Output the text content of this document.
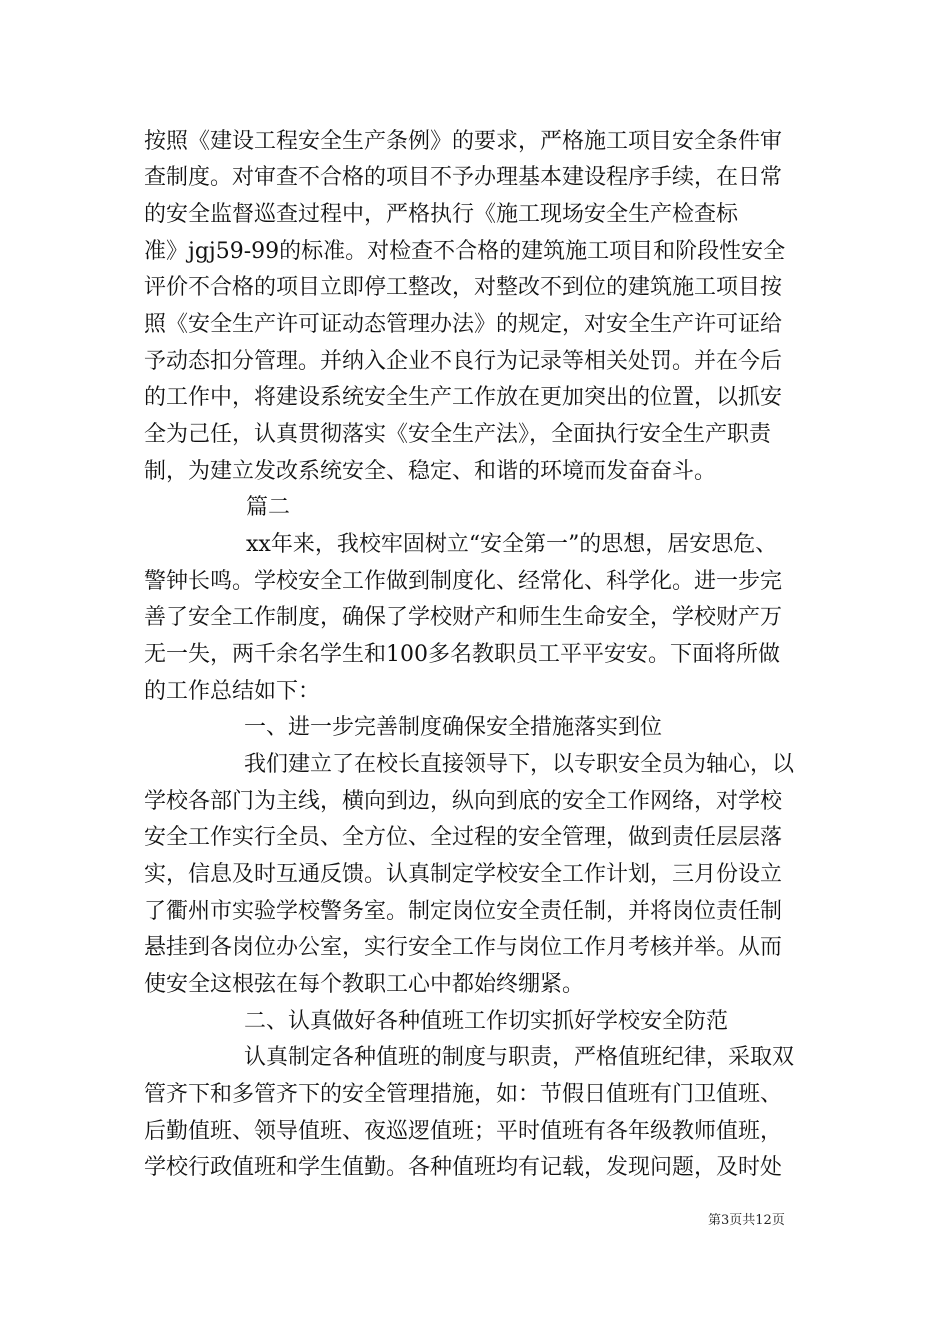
按照《建设工程安全生产条例》的要求，严格施工项目安全条件审
查制度。对审查不合格的项目不予办理基本建设程序手续，在日常
的安全监督巡查过程中，严格执行《施工现场安全生产检查标
准》jgj59-99的标准。对检查不合格的建筑施工项目和阶段性安全
评价不合格的项目立即停工整改，对整改不到位的建筑施工项目按
照《安全生产许可证动态管理办法》的规定，对安全生产许可证给
予动态扣分管理。并纳入企业不良行为记录等相关处罚。并在今后
的工作中，将建设系统安全生产工作放在更加突出的位置，以抓安
全为己任，认真贯彻落实《安全生产法》，全面执行安全生产职责
制，为建立发改系统安全、稳定、和谐的环境而发奋奋斗。
篇二
xx年来，我校牢固树立“安全第一”的思想，居安思危、
警钟长鸣。学校安全工作做到制度化、经常化、科学化。进一步完
善了安全工作制度，确保了学校财产和师生生命安全，学校财产万
无一失，两千余名学生和100多名教职员工平平安安。下面将所做
的工作总结如下：
一、进一步完善制度确保安全措施落实到位
我们建立了在校长直接领导下，以专职安全员为轴心，以
学校各部门为主线，横向到边，纵向到底的安全工作网络，对学校
安全工作实行全员、全方位、全过程的安全管理，做到责任层层落
实，信息及时互通反馈。认真制定学校安全工作计划，三月份设立
了衢州市实验学校警务室。制定岗位安全责任制，并将岗位责任制
悬挂到各岗位办公室，实行安全工作与岗位工作月考核并举。从而
使安全这根弦在每个教职工心中都始终绷紧。
二、认真做好各种值班工作切实抓好学校安全防范
认真制定各种值班的制度与职责，严格值班纪律，采取双
管齐下和多管齐下的安全管理措施，如：节假日值班有门卫值班、
后勤值班、领导值班、夜巡逻值班；平时值班有各年级教师值班，
学校行政值班和学生值勤。各种值班均有记载，发现问题，及时处
第3页共12页
